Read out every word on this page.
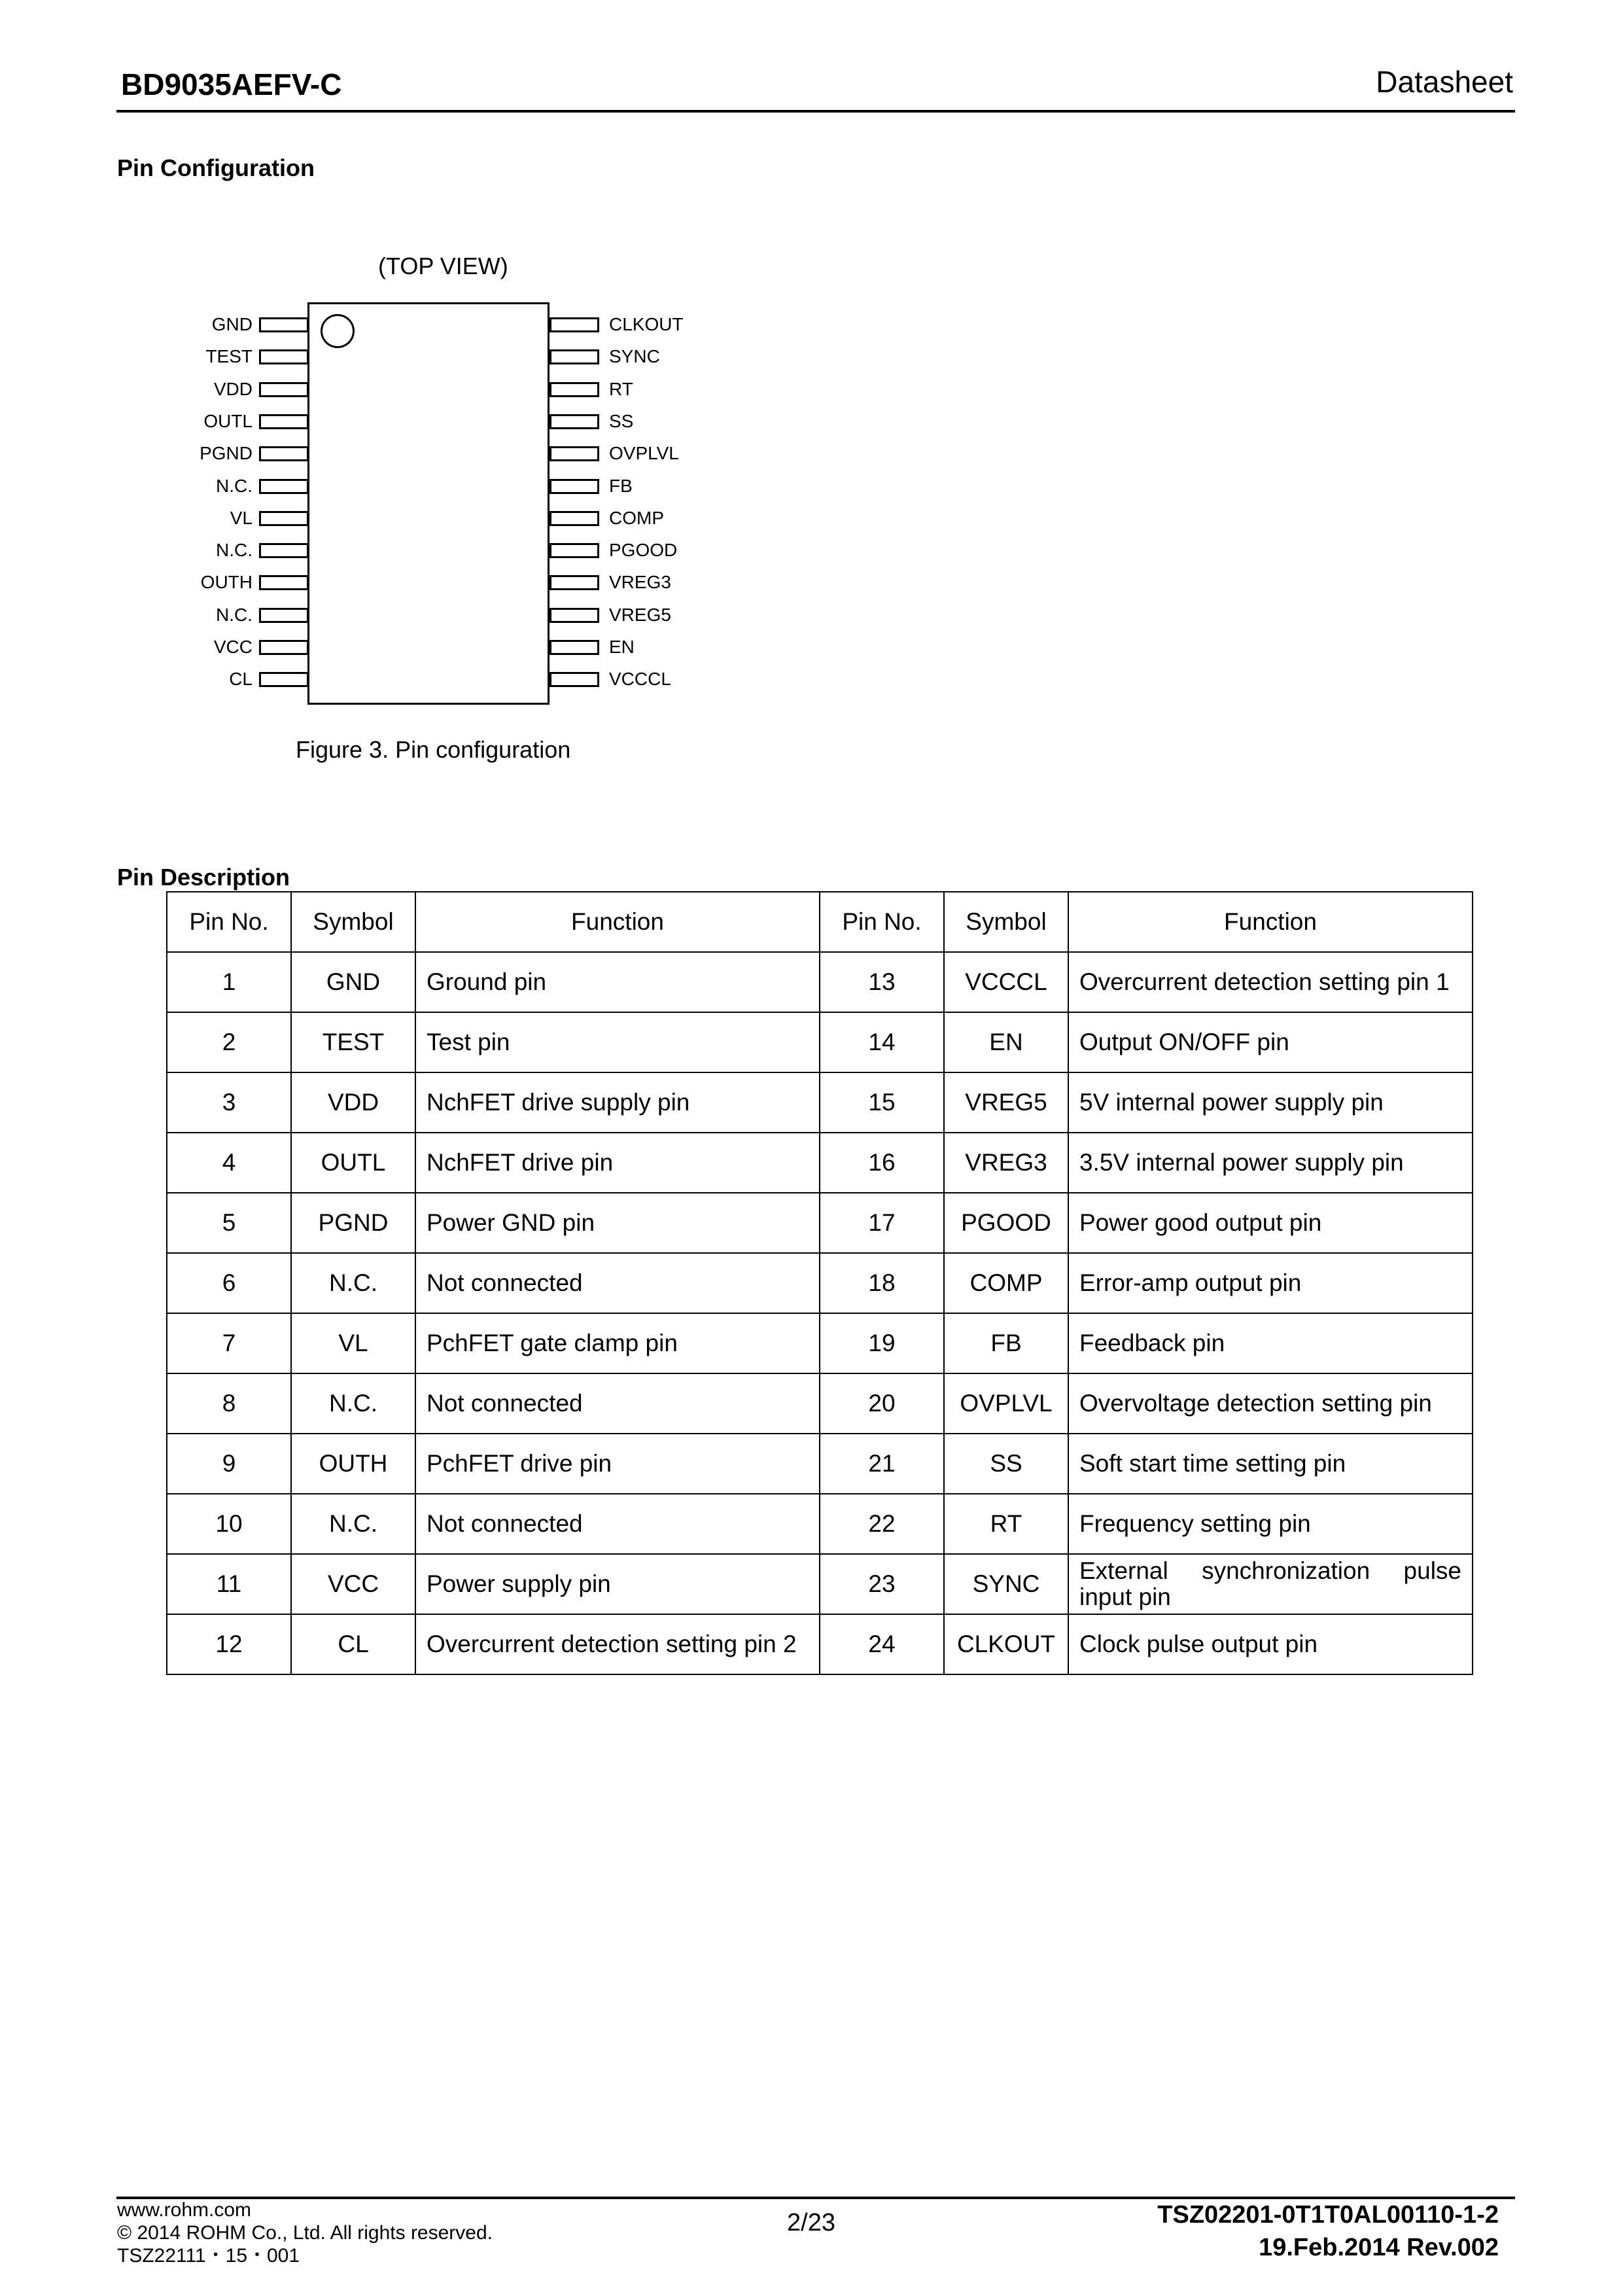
BD9035AEFV-C	Datasheet
Pin Configuration
(TOP VIEW)
GND
TEST
VDD
OUTL
PGND
N.C.
VL
N.C.
OUTH
N.C.
VCC
CL
CLKOUT
SYNC
RT
SS
OVPLVL
FB
COMP
PGOOD
VREG3
VREG5
EN
VCCCL
Figure 3. Pin configuration
Pin Description
Pin No.	Symbol	Function	Pin No.	Symbol	Function
1	GND	Ground pin	13	VCCCL	Overcurrent detection setting pin 1
2	TEST	Test pin	14	EN	Output ON/OFF pin
3	VDD	NchFET drive supply pin	15	VREG5	5V internal power supply pin
4	OUTL	NchFET drive pin	16	VREG3	3.5V internal power supply pin
5	PGND	Power GND pin	17	PGOOD	Power good output pin
6	N.C.	Not connected	18	COMP	Error-amp output pin
7	VL	PchFET gate clamp pin	19	FB	Feedback pin
8	N.C.	Not connected	20	OVPLVL	Overvoltage detection setting pin
9	OUTH	PchFET drive pin	21	SS	Soft start time setting pin
10	N.C.	Not connected	22	RT	Frequency setting pin
11	VCC	Power supply pin	23	SYNC	External synchronization pulse input pin
12	CL	Overcurrent detection setting pin 2	24	CLKOUT	Clock pulse output pin
www.rohm.com
© 2014 ROHM Co., Ltd. All rights reserved.
TSZ22111・15・001
2/23	TSZ02201-0T1T0AL00110-1-2
19.Feb.2014 Rev.002
